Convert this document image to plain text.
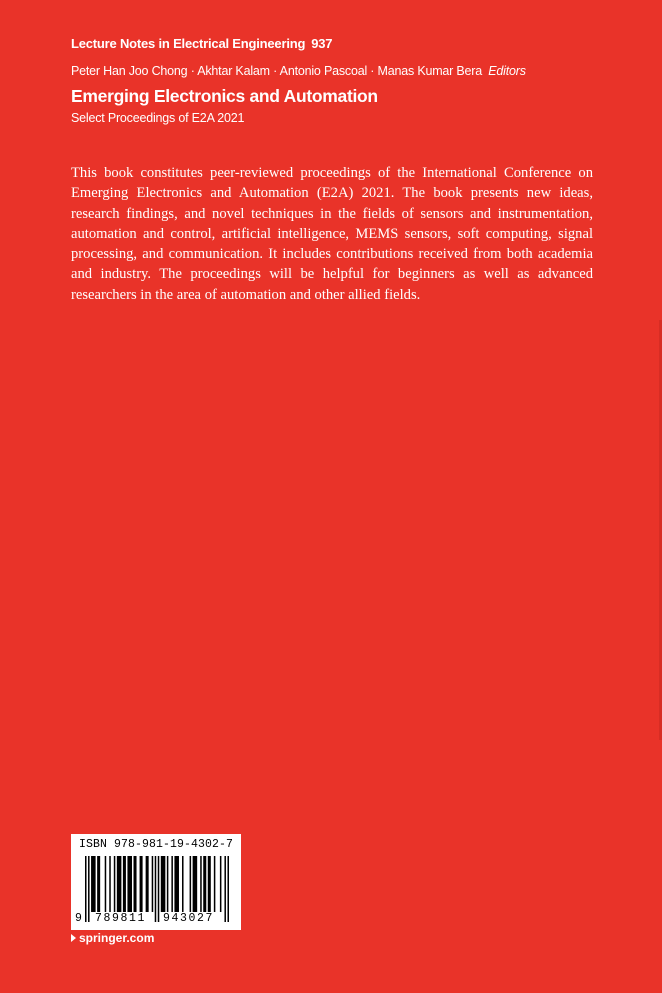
Lecture Notes in Electrical Engineering 937
Peter Han Joo Chong · Akhtar Kalam · Antonio Pascoal · Manas Kumar Bera Editors
Emerging Electronics and Automation
Select Proceedings of E2A 2021
This book constitutes peer-reviewed proceedings of the International Conference on Emerging Electronics and Automation (E2A) 2021. The book presents new ideas, research findings, and novel techniques in the fields of sensors and instrumentation, automation and control, artificial intelligence, MEMS sensors, soft computing, signal processing, and communication. It includes contributions received from both academia and industry. The proceedings will be helpful for beginners as well as advanced researchers in the area of automation and other allied fields.
ISBN 978-981-19-4302-7
9 789811 943027
springer.com
